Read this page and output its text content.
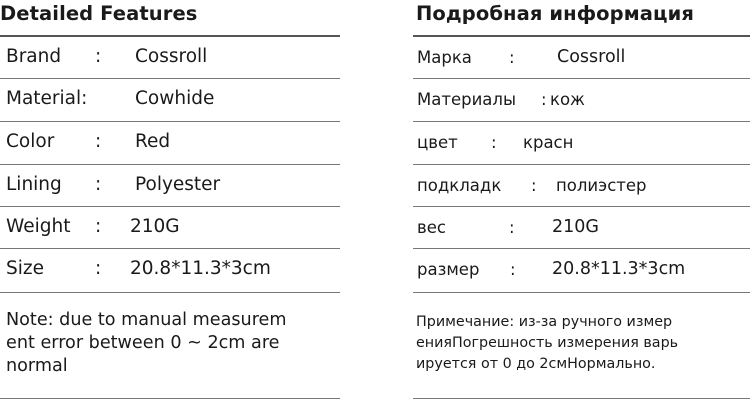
Detailed Features
Brand : Cossroll
Material:	Cowhide
Color : Red
Lining : Polyester
Weight : 210G
Size	: 20.8*11.3*3cm
Note: due to manual measurem
ent error between 0 ~ 2cm are
normal
Подробная информация
Марка : Cossroll
Материалы : кож
цвет : красн
подкладк : полиэстер
вес	: 210G
размер : 20.8*11.3*3cm
Примечание: из-за ручного измер
енияПогрешность измерения варь
ируется от 0 до 2смНормально.
